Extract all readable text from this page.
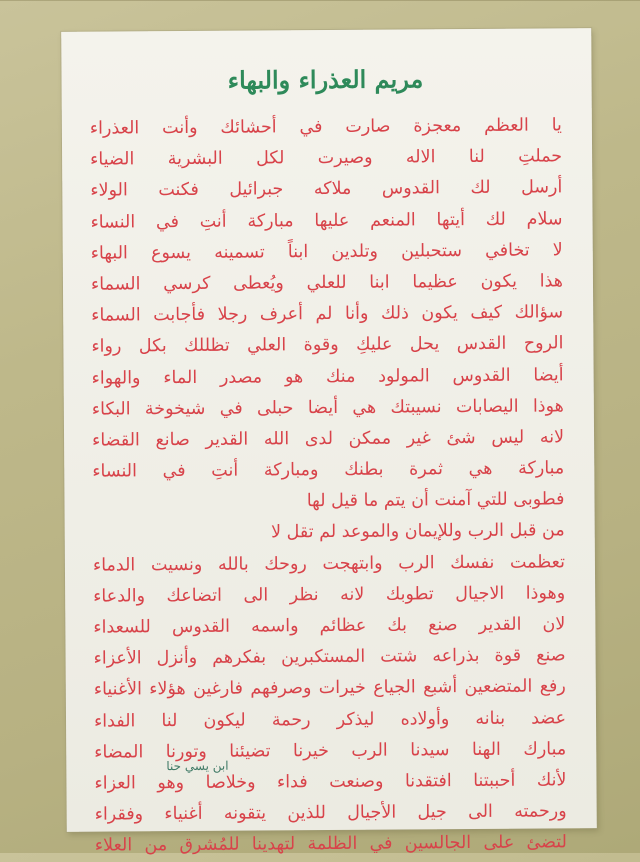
مريم العذراء والبهاء
يا العظم معجزة صارت في أحشائك وأنت العذراء
حملتِ لنا الاله وصيرت لكل البشرية الضياء
أرسل لك القدوس ملاكه جبرائيل فكنت الولاء
سلام لك أيتها المنعم عليها مباركة أنتِ في النساء
لا تخافي ستحبلين وتلدين ابناً تسمينه يسوع البهاء
هذا يكون عظيما ابنا للعلي ويُعطى كرسي السماء
سؤالك كيف يكون ذلك وأنا لم أعرف رجلا فأجابت السماء
الروح القدس يحل عليكِ وقوة العلي تظللك بكل رواء
أيضا القدوس المولود منك هو مصدر الماء والهواء
هوذا اليصابات نسيبتك هي أيضا حبلى في شيخوخة البكاء
لانه ليس شئ غير ممكن لدى الله القدير صانع القضاء
مباركة هي ثمرة بطنك ومباركة أنتِ في النساء
فطوبى للتي آمنت أن يتم ما قيل لها
من قبل الرب وللإيمان والموعد لم تقل لا
تعظمت نفسك الرب وابتهجت روحك بالله ونسيت الدماء
وهوذا الاجيال تطوبك لانه نظر الى اتضاعك والدعاء
لان القدير صنع بك عظائم واسمه القدوس للسعداء
صنع قوة بذراعه شتت المستكبرين بفكرهم وأنزل الأعزاء
رفع المتضعين أشبع الجياع خيرات وصرفهم فارغين هؤلاء الأغنياء
عضد بنانه وأولاده ليذكر رحمة ليكون لنا الفداء
مبارك الهنا سيدنا الرب خيرنا تضيئنا وتورنا المضاء
لأنك أحببتنا افتقدنا وصنعت فداء وخلاصا وهو العزاء
ورحمته الى جيل الأجيال للذين يتقونه أغنياء وفقراء
لتضئ على الجالسين في الظلمة لتهدينا للمُشرق من العلاء
ابن يسي حنا
